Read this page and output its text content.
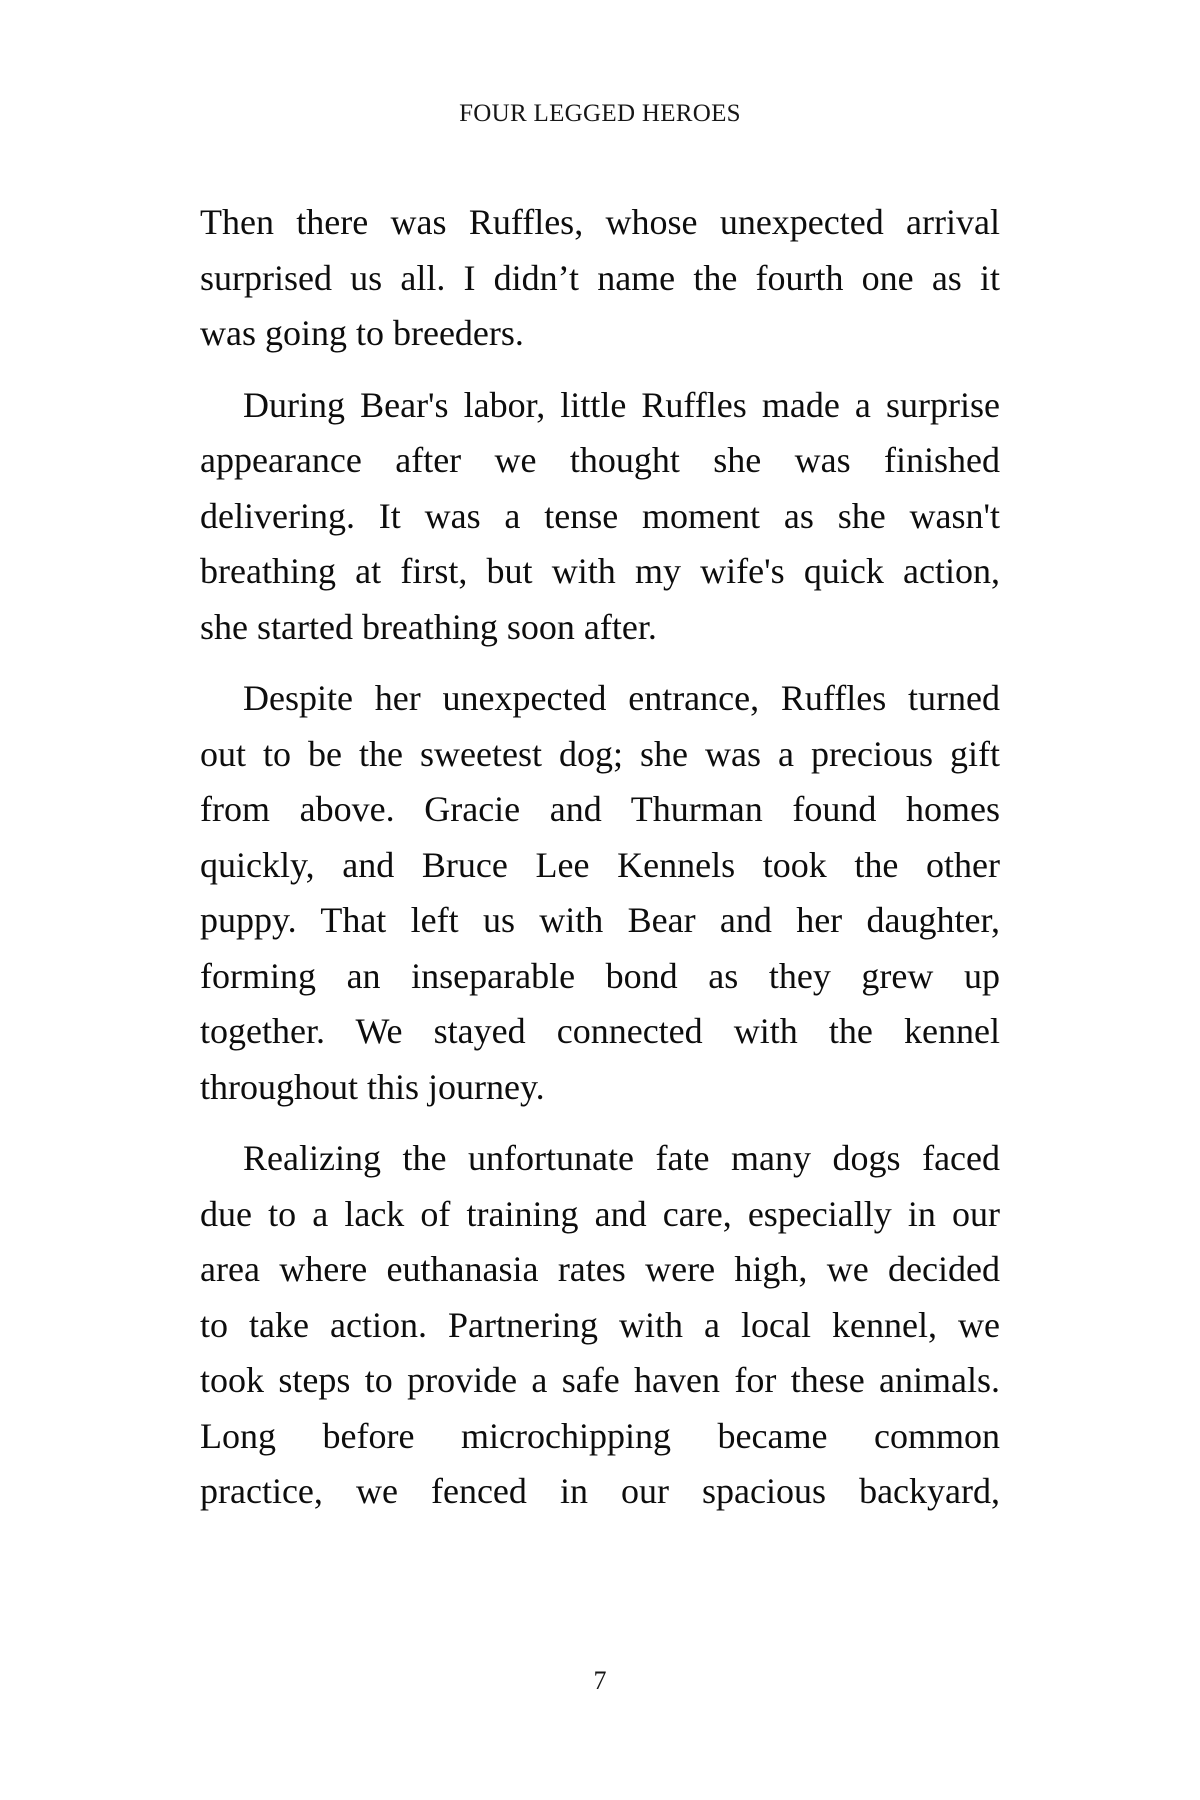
FOUR LEGGED HEROES
Then there was Ruffles, whose unexpected arrival
surprised us all. I didn’t name the fourth one as it
was going to breeders.
During Bear's labor, little Ruffles made a surprise
appearance after we thought she was finished
delivering. It was a tense moment as she wasn't
breathing at first, but with my wife's quick action,
she started breathing soon after.
Despite her unexpected entrance, Ruffles turned
out to be the sweetest dog; she was a precious gift
from above. Gracie and Thurman found homes
quickly, and Bruce Lee Kennels took the other
puppy. That left us with Bear and her daughter,
forming an inseparable bond as they grew up
together. We stayed connected with the kennel
throughout this journey.
Realizing the unfortunate fate many dogs faced
due to a lack of training and care, especially in our
area where euthanasia rates were high, we decided
to take action. Partnering with a local kennel, we
took steps to provide a safe haven for these animals.
Long before microchipping became common
practice, we fenced in our spacious backyard,
7
